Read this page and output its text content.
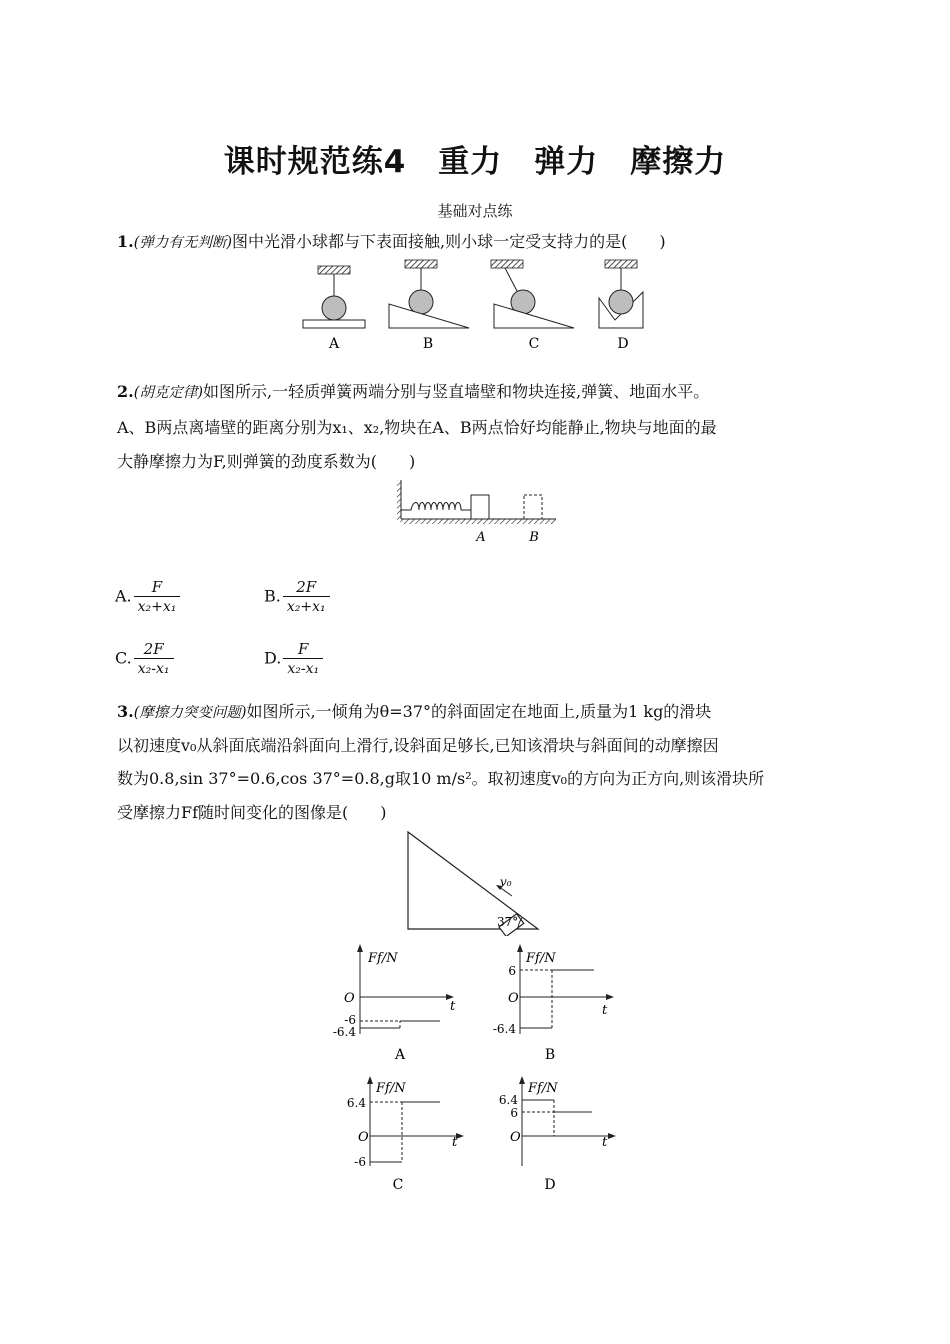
课时规范练4　重力　弹力　摩擦力
基础对点练
1.(弹力有无判断)图中光滑小球都与下表面接触,则小球一定受支持力的是(　　)
A	B	C	D
2.(胡克定律)如图所示,一轻质弹簧两端分别与竖直墙壁和物块连接,弹簧、地面水平。
A、B两点离墙壁的距离分别为x₁、x₂,物块在A、B两点恰好均能静止,物块与地面的最
大静摩擦力为F,则弹簧的劲度系数为(　　)
A	B
A. $\frac{F}{\text{x₂+x₁}}$	B. $\frac{2F}{\text{x₂+x₁}}$
C. $\frac{2F}{\text{x₂-x₁}}$	D. $\frac{F}{\text{x₂-x₁}}$
3.(摩擦力突变问题)如图所示,一倾角为θ=37°的斜面固定在地面上,质量为1 kg的滑块
以初速度v₀从斜面底端沿斜面向上滑行,设斜面足够长,已知该滑块与斜面间的动摩擦因
数为0.8,sin 37°=0.6,cos 37°=0.8,g取10 m/s²。取初速度v₀的方向为正方向,则该滑块所
受摩擦力Ff随时间变化的图像是(　　)
v₀
37°
Ff/N
O
t
-6
-6.4
A
Ff/N
O
t
6
-6.4
B
Ff/N
O	t
6.4
-6
C
Ff/N
O	t
6.4
6
D
